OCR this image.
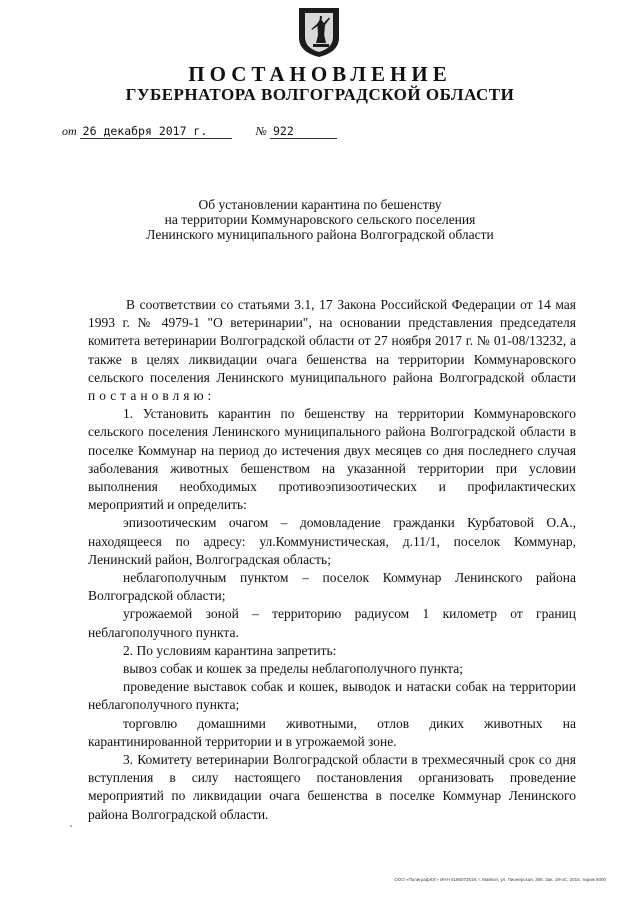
ПОСТАНОВЛЕНИЕ
ГУБЕРНАТОРА ВОЛГОГРАДСКОЙ ОБЛАСТИ
от 26 декабря 2017 г.	№ 922
Об установлении карантина по бешенству
на территории Коммунаровского сельского поселения
Ленинского муниципального района Волгоградской области

В соответствии со статьями 3.1, 17 Закона Российской Федерации от 14 мая 1993 г. № 4979-1 "О ветеринарии", на основании представления председателя комитета ветеринарии Волгоградской области от 27 ноября 2017 г. № 01-08/13232, а также в целях ликвидации очага бешенства на территории Коммунаровского сельского поселения Ленинского муниципального района Волгоградской области постановляю:

1. Установить карантин по бешенству на территории Коммунаровского сельского поселения Ленинского муниципального района Волгоградской области в поселке Коммунар на период до истечения двух месяцев со дня последнего случая заболевания животных бешенством на указанной территории при условии выполнения необходимых противоэпизоотических и профилактических мероприятий и определить:

эпизоотическим очагом – домовладение гражданки Курбатовой О.А., находящееся по адресу: ул.Коммунистическая, д.11/1, поселок Коммунар, Ленинский район, Волгоградская область;

неблагополучным пунктом – поселок Коммунар Ленинского района Волгоградской области;

угрожаемой зоной – территорию радиусом 1 километр от границ неблагополучного пункта.

2. По условиям карантина запретить:

вывоз собак и кошек за пределы неблагополучного пункта;

проведение выставок собак и кошек, выводок и натаски собак на территории неблагополучного пункта;

торговлю домашними животными, отлов диких животных на карантинированной территории и в угрожаемой зоне.

3. Комитету ветеринарии Волгоградской области в трехмесячный срок со дня вступления в силу настоящего постановления организовать проведение мероприятий по ликвидации очага бешенства в поселке Коммунар Ленинского района Волгоградской области.

ООО «ПолиграфЮГ» ИНН 6166072519, г. Майкоп, ул. Пионерская, 268. Зак. 19-оС, 2015, тираж 5000
